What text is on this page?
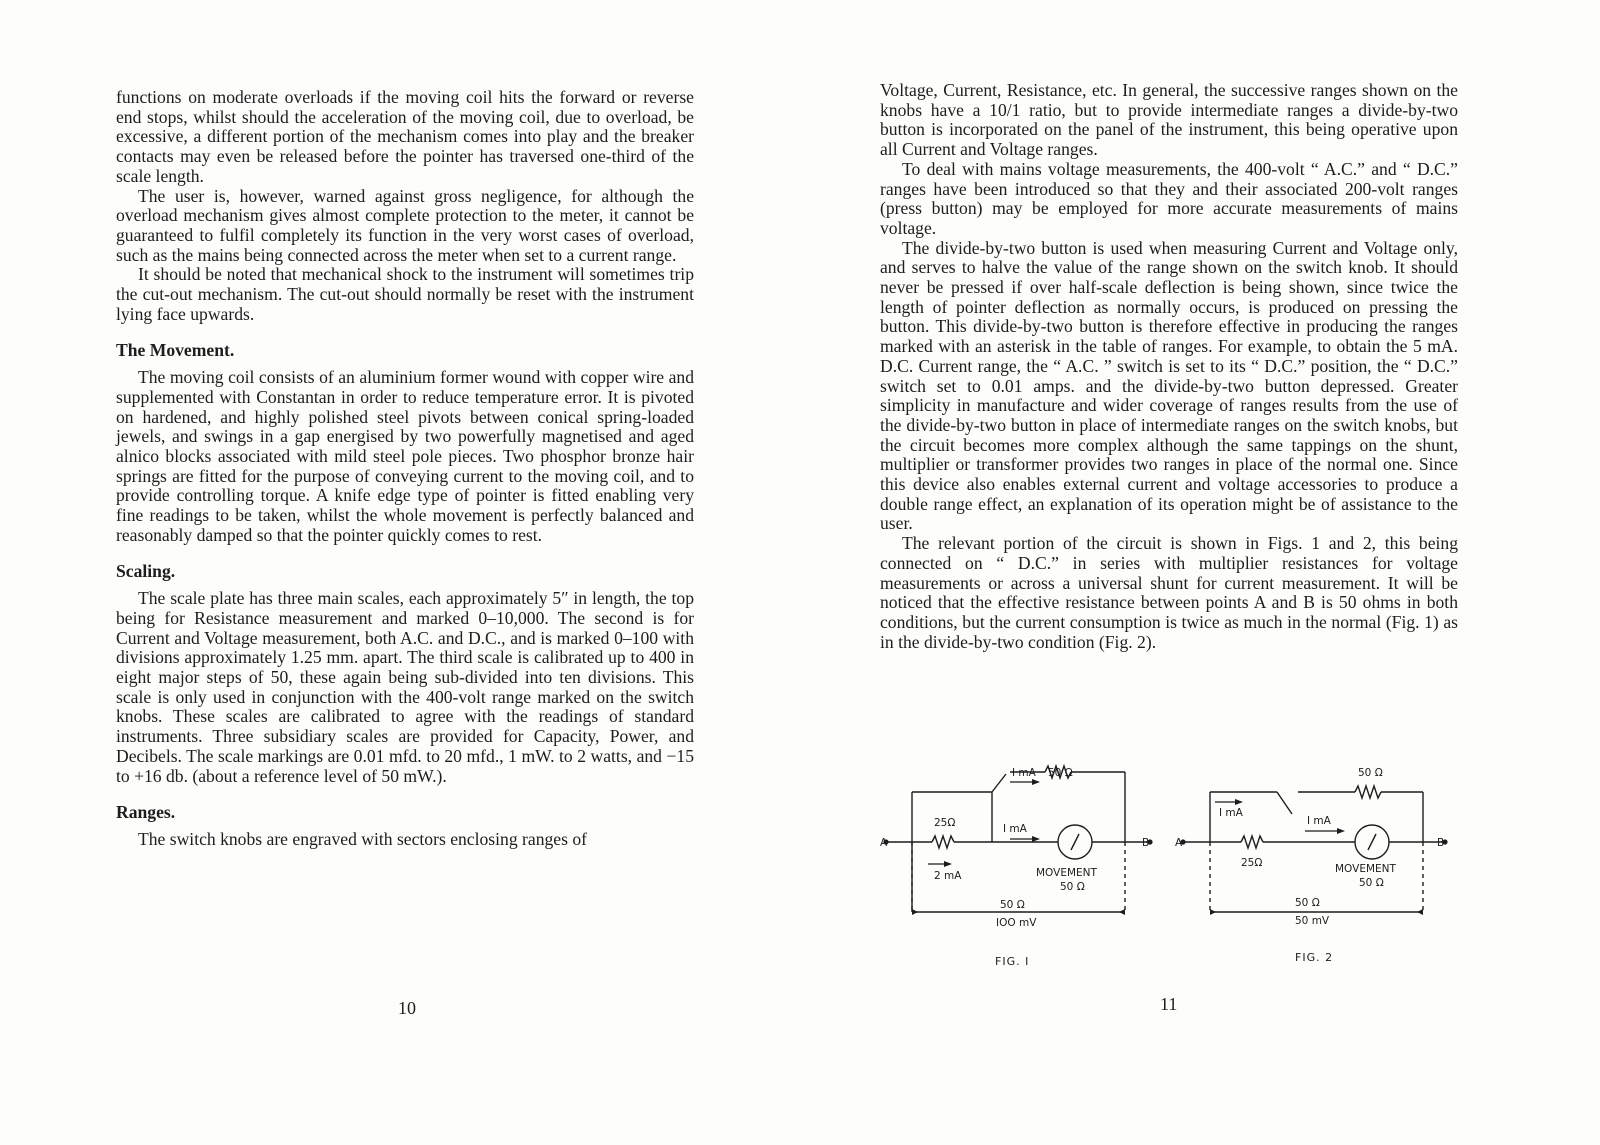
functions on moderate overloads if the moving coil hits the forward or reverse end stops, whilst should the acceleration of the moving coil, due to overload, be excessive, a different portion of the mechanism comes into play and the breaker contacts may even be released before the pointer has traversed one-third of the scale length.

The user is, however, warned against gross negligence, for although the overload mechanism gives almost complete protection to the meter, it cannot be guaranteed to fulfil completely its function in the very worst cases of overload, such as the mains being connected across the meter when set to a current range.

It should be noted that mechanical shock to the instrument will sometimes trip the cut-out mechanism. The cut-out should normally be reset with the instrument lying face upwards.

The Movement.

The moving coil consists of an aluminium former wound with copper wire and supplemented with Constantan in order to reduce temperature error. It is pivoted on hardened, and highly polished steel pivots between conical spring-loaded jewels, and swings in a gap energised by two powerfully magnetised and aged alnico blocks associated with mild steel pole pieces. Two phosphor bronze hair springs are fitted for the purpose of conveying current to the moving coil, and to provide controlling torque. A knife edge type of pointer is fitted enabling very fine readings to be taken, whilst the whole movement is perfectly balanced and reasonably damped so that the pointer quickly comes to rest.

Scaling.

The scale plate has three main scales, each approximately 5″ in length, the top being for Resistance measurement and marked 0–10,000. The second is for Current and Voltage measurement, both A.C. and D.C., and is marked 0–100 with divisions approximately 1.25 mm. apart. The third scale is calibrated up to 400 in eight major steps of 50, these again being sub-divided into ten divisions. This scale is only used in conjunction with the 400-volt range marked on the switch knobs. These scales are calibrated to agree with the readings of standard instruments. Three subsidiary scales are provided for Capacity, Power, and Decibels. The scale markings are 0.01 mfd. to 20 mfd., 1 mW. to 2 watts, and −15 to +16 db. (about a reference level of 50 mW.).

Ranges.

The switch knobs are engraved with sectors enclosing ranges of

10

Voltage, Current, Resistance, etc. In general, the successive ranges shown on the knobs have a 10/1 ratio, but to provide intermediate ranges a divide-by-two button is incorporated on the panel of the instrument, this being operative upon all Current and Voltage ranges.

To deal with mains voltage measurements, the 400-volt “ A.C.” and “ D.C.” ranges have been introduced so that they and their associated 200-volt ranges (press button) may be employed for more accurate measurements of mains voltage.

The divide-by-two button is used when measuring Current and Voltage only, and serves to halve the value of the range shown on the switch knob. It should never be pressed if over half-scale deflection is being shown, since twice the length of pointer deflection as normally occurs, is produced on pressing the button. This divide-by-two button is therefore effective in producing the ranges marked with an asterisk in the table of ranges. For example, to obtain the 5 mA. D.C. Current range, the “ A.C. ” switch is set to its “ D.C.” position, the “ D.C.” switch set to 0.01 amps. and the divide-by-two button depressed. Greater simplicity in manufacture and wider coverage of ranges results from the use of the divide-by-two button in place of intermediate ranges on the switch knobs, but the circuit becomes more complex although the same tappings on the shunt, multiplier or transformer provides two ranges in place of the normal one. Since this device also enables external current and voltage accessories to produce a double range effect, an explanation of its operation might be of assistance to the user.

The relevant portion of the circuit is shown in Figs. 1 and 2, this being connected on “ D.C.” in series with multiplier resistances for voltage measurements or across a universal shunt for current measurement. It will be noticed that the effective resistance between points A and B is 50 ohms in both conditions, but the current consumption is twice as much in the normal (Fig. 1) as in the divide-by-two condition (Fig. 2).

A	B
I mA 50 Ω
25Ω	I mA
2 mA	MOVEMENT
50 Ω
50 Ω
IOO mV
FIG. I
A	B
50 Ω
I mA
I mA
25Ω	MOVEMENT
50 Ω
50 Ω
50 mV
FIG. 2
11
